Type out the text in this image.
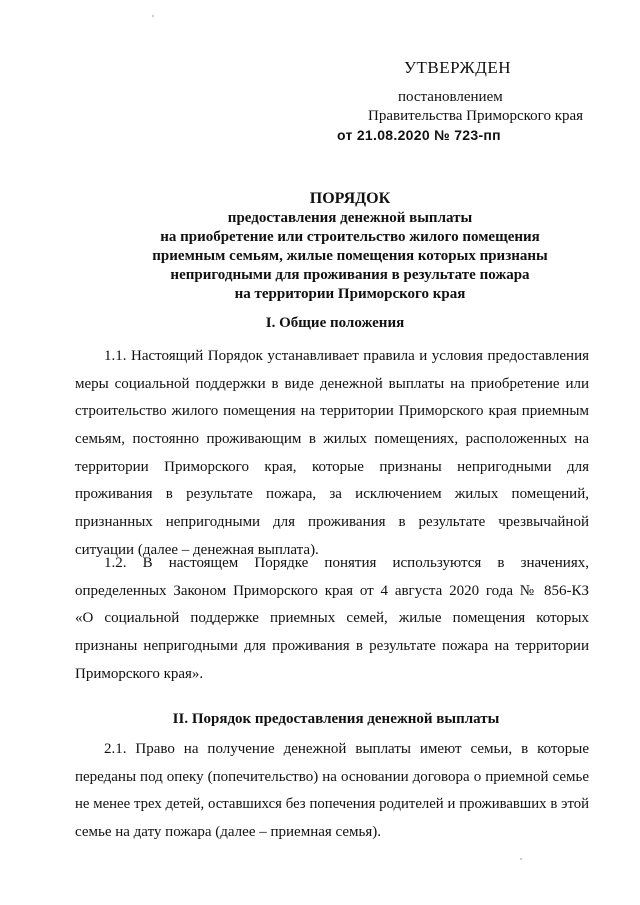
УТВЕРЖДЕН
постановлением
Правительства Приморского края
от 21.08.2020 № 723-пп
ПОРЯДОК
предоставления денежной выплаты
на приобретение или строительство жилого помещения
приемным семьям, жилые помещения которых признаны
непригодными для проживания в результате пожара
на территории Приморского края
I. Общие положения
1.1. Настоящий Порядок устанавливает правила и условия предоставления
меры социальной поддержки в виде денежной выплаты на приобретение или
строительство жилого помещения на территории Приморского края приемным
семьям, постоянно проживающим в жилых помещениях, расположенных на
территории Приморского края, которые признаны непригодными для
проживания в результате пожара, за исключением жилых помещений,
признанных непригодными для проживания в результате чрезвычайной
ситуации (далее – денежная выплата).
1.2. В настоящем Порядке понятия используются в значениях,
определенных Законом Приморского края от 4 августа 2020 года № 856-КЗ
«О социальной поддержке приемных семей, жилые помещения которых
признаны непригодными для проживания в результате пожара на территории
Приморского края».
II. Порядок предоставления денежной выплаты
2.1. Право на получение денежной выплаты имеют семьи, в которые
переданы под опеку (попечительство) на основании договора о приемной семье
не менее трех детей, оставшихся без попечения родителей и проживавших в этой
семье на дату пожара (далее – приемная семья).
